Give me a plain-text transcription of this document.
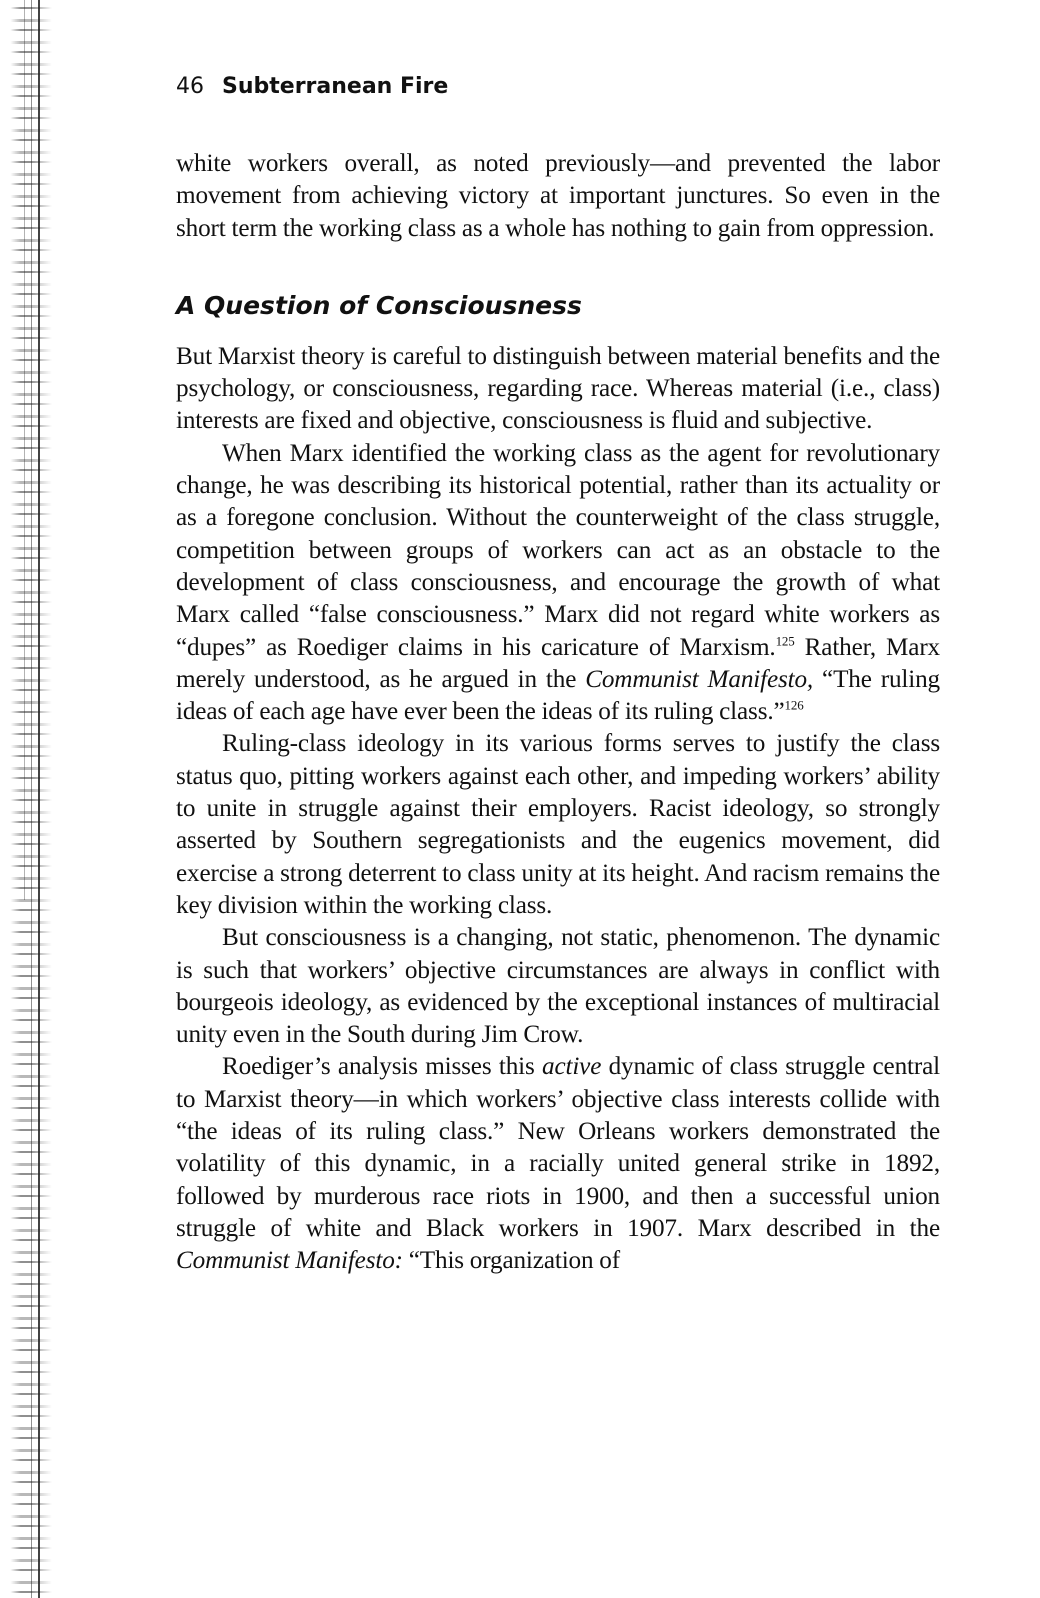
46 Subterranean Fire

white workers overall, as noted previously—and prevented the labor movement from achieving victory at important junctures. So even in the short term the working class as a whole has nothing to gain from oppression.

A Question of Consciousness

But Marxist theory is careful to distinguish between material benefits and the psychology, or consciousness, regarding race. Whereas material (i.e., class) interests are fixed and objective, consciousness is fluid and subjective.

When Marx identified the working class as the agent for revolutionary change, he was describing its historical potential, rather than its actuality or as a foregone conclusion. Without the counterweight of the class struggle, competition between groups of workers can act as an obstacle to the development of class consciousness, and encourage the growth of what Marx called “false consciousness.” Marx did not regard white workers as “dupes” as Roediger claims in his caricature of Marxism.$^{125}$ Rather, Marx merely understood, as he argued in the Communist Manifesto, “The ruling ideas of each age have ever been the ideas of its ruling class.”$^{126}$

Ruling-class ideology in its various forms serves to justify the class status quo, pitting workers against each other, and impeding workers’ ability to unite in struggle against their employers. Racist ideology, so strongly asserted by Southern segregationists and the eugenics movement, did exercise a strong deterrent to class unity at its height. And racism remains the key division within the working class.

But consciousness is a changing, not static, phenomenon. The dynamic is such that workers’ objective circumstances are always in conflict with bourgeois ideology, as evidenced by the exceptional instances of multiracial unity even in the South during Jim Crow.

Roediger’s analysis misses this active dynamic of class struggle central to Marxist theory—in which workers’ objective class interests collide with “the ideas of its ruling class.” New Orleans workers demonstrated the volatility of this dynamic, in a racially united general strike in 1892, followed by murderous race riots in 1900, and then a successful union struggle of white and Black workers in 1907. Marx described in the Communist Manifesto: “This organization of
